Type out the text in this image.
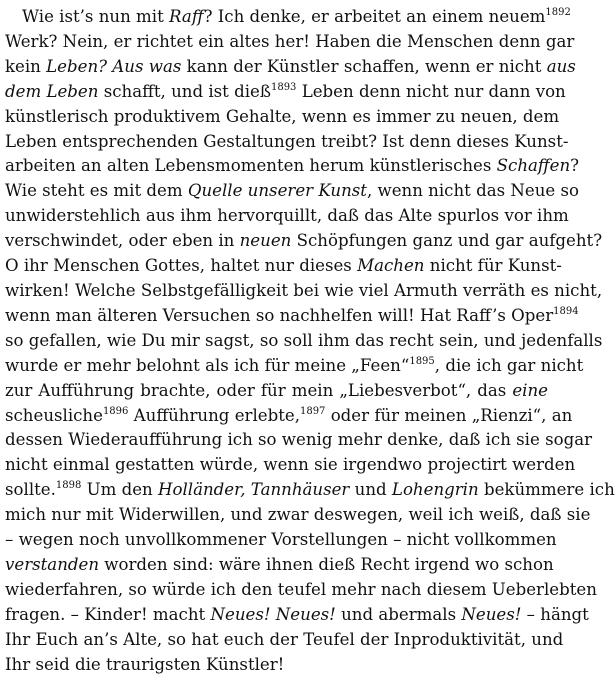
Wie ist’s nun mit Raff? Ich denke, er arbeitet an einem neuem$^{1892}$
Werk? Nein, er richtet ein altes her! Haben die Menschen denn gar
kein Leben? Aus was kann der Künstler schaffen, wenn er nicht aus
dem Leben schafft, und ist dieß$^{1893}$ Leben denn nicht nur dann von
künstlerisch produktivem Gehalte, wenn es immer zu neuen, dem
Leben entsprechenden Gestaltungen treibt? Ist denn dieses Kunst-
arbeiten an alten Lebensmomenten herum künstlerisches Schaffen?
Wie steht es mit dem Quelle unserer Kunst, wenn nicht das Neue so
unwiderstehlich aus ihm hervorquillt, daß das Alte spurlos vor ihm
verschwindet, oder eben in neuen Schöpfungen ganz und gar aufgeht?
O ihr Menschen Gottes, haltet nur dieses Machen nicht für Kunst-
wirken! Welche Selbstgefälligkeit bei wie viel Armuth verräth es nicht,
wenn man älteren Versuchen so nachhelfen will! Hat Raff’s Oper$^{1894}$
so gefallen, wie Du mir sagst, so soll ihm das recht sein, und jedenfalls
wurde er mehr belohnt als ich für meine „Feen“$^{1895}$, die ich gar nicht
zur Aufführung brachte, oder für mein „Liebesverbot“, das eine
scheusliche$^{1896}$ Aufführung erlebte,$^{1897}$ oder für meinen „Rienzi“, an
dessen Wiederaufführung ich so wenig mehr denke, daß ich sie sogar
nicht einmal gestatten würde, wenn sie irgendwo projectirt werden
sollte.$^{1898}$ Um den Holländer, Tannhäuser und Lohengrin bekümmere ich
mich nur mit Widerwillen, und zwar deswegen, weil ich weiß, daß sie
– wegen noch unvollkommener Vorstellungen – nicht vollkommen
verstanden worden sind: wäre ihnen dieß Recht irgend wo schon
wiederfahren, so würde ich den teufel mehr nach diesem Ueberlebten
fragen. – Kinder! macht Neues! Neues! und abermals Neues! – hängt
Ihr Euch an’s Alte, so hat euch der Teufel der Inproduktivität, und
Ihr seid die traurigsten Künstler!
